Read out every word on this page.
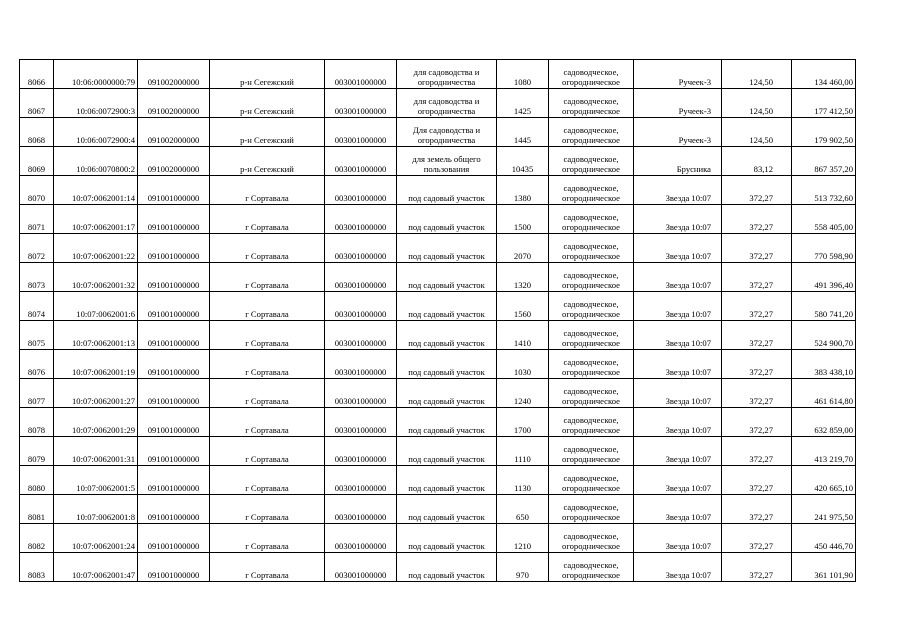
8066	10:06:0000000:79	091002000000	р-н Сегежский	003001000000	для садоводства и огородничества	1080	садоводческое, огородническое	Ручеек-3	124,50	134 460,00
8067	10:06:0072900:3	091002000000	р-н Сегежский	003001000000	для садоводства и огородничества	1425	садоводческое, огородническое	Ручеек-3	124,50	177 412,50
8068	10:06:0072900:4	091002000000	р-н Сегежский	003001000000	Для садоводства и огородничества	1445	садоводческое, огородническое	Ручеек-3	124,50	179 902,50
8069	10:06:0070800:2	091002000000	р-н Сегежский	003001000000	для земель общего пользования	10435	садоводческое, огородническое	Брусника	83,12	867 357,20
8070	10:07:0062001:14	091001000000	г Сортавала	003001000000	под садовый участок	1380	садоводческое, огородническое	Звезда 10:07	372,27	513 732,60
8071	10:07:0062001:17	091001000000	г Сортавала	003001000000	под садовый участок	1500	садоводческое, огородническое	Звезда 10:07	372,27	558 405,00
8072	10:07:0062001:22	091001000000	г Сортавала	003001000000	под садовый участок	2070	садоводческое, огородническое	Звезда 10:07	372,27	770 598,90
8073	10:07:0062001:32	091001000000	г Сортавала	003001000000	под садовый участок	1320	садоводческое, огородническое	Звезда 10:07	372,27	491 396,40
8074	10:07:0062001:6	091001000000	г Сортавала	003001000000	под садовый участок	1560	садоводческое, огородническое	Звезда 10:07	372,27	580 741,20
8075	10:07:0062001:13	091001000000	г Сортавала	003001000000	под садовый участок	1410	садоводческое, огородническое	Звезда 10:07	372,27	524 900,70
8076	10:07:0062001:19	091001000000	г Сортавала	003001000000	под садовый участок	1030	садоводческое, огородническое	Звезда 10:07	372,27	383 438,10
8077	10:07:0062001:27	091001000000	г Сортавала	003001000000	под садовый участок	1240	садоводческое, огородническое	Звезда 10:07	372,27	461 614,80
8078	10:07:0062001:29	091001000000	г Сортавала	003001000000	под садовый участок	1700	садоводческое, огородническое	Звезда 10:07	372,27	632 859,00
8079	10:07:0062001:31	091001000000	г Сортавала	003001000000	под садовый участок	1110	садоводческое, огородническое	Звезда 10:07	372,27	413 219,70
8080	10:07:0062001:5	091001000000	г Сортавала	003001000000	под садовый участок	1130	садоводческое, огородническое	Звезда 10:07	372,27	420 665,10
8081	10:07:0062001:8	091001000000	г Сортавала	003001000000	под садовый участок	650	садоводческое, огородническое	Звезда 10:07	372,27	241 975,50
8082	10:07:0062001:24	091001000000	г Сортавала	003001000000	под садовый участок	1210	садоводческое, огородническое	Звезда 10:07	372,27	450 446,70
8083	10:07:0062001:47	091001000000	г Сортавала	003001000000	под садовый участок	970	садоводческое, огородническое	Звезда 10:07	372,27	361 101,90
